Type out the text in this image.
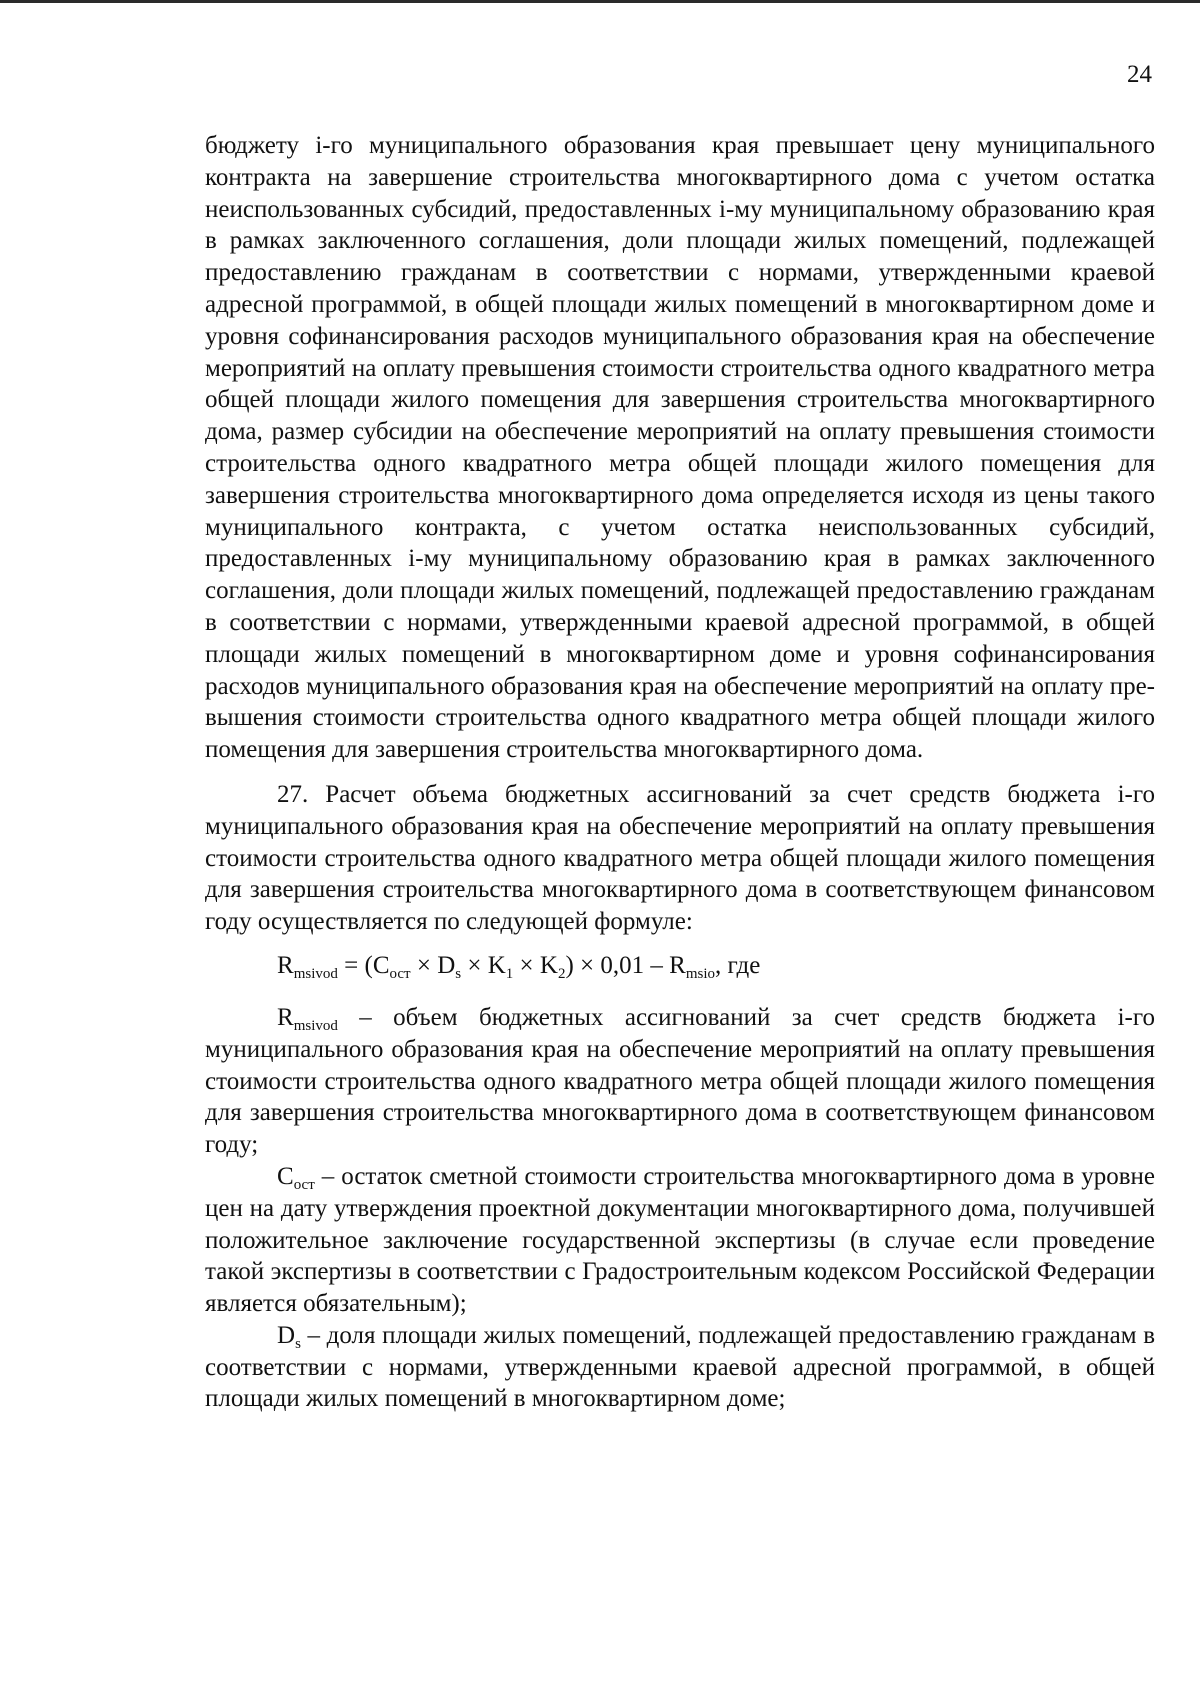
24

бюджету i-го муниципального образования края превышает цену муниципального контракта на завершение строительства многоквартирного дома с учетом остатка неиспользованных субсидий, предоставленных i-му муниципальному образованию края в рамках заключенного соглашения, доли площади жилых помещений, подлежащей предоставлению гражданам в соответствии с нормами, утвержденными краевой адресной программой, в общей площади жилых помещений в многоквартирном доме и уровня софинансирования расходов муниципального образования края на обеспечение мероприятий на оплату превышения стоимости строительства одного квадратного метра общей площади жилого помещения для завершения строительства многоквартирного дома, размер субсидии на обеспечение мероприятий на оплату превышения стоимости строительства одного квадратного метра общей площади жилого помещения для завершения строительства многоквартирного дома определяется исходя из цены такого муниципального контракта, с учетом остатка неиспользованных субсидий, предоставленных i-му муниципальному образованию края в рамках заключенного соглашения, доли площади жилых помещений, подлежащей предоставлению гражданам в соответствии с нормами, утвержденными краевой адресной программой, в общей площади жилых помещений в многоквартирном доме и уровня софинансирования расходов муниципального образования края на обеспечение мероприятий на оплату превышения стоимости строительства одного квадратного метра общей площади жилого помещения для завершения строительства многоквартирного дома.

27. Расчет объема бюджетных ассигнований за счет средств бюджета i-го муниципального образования края на обеспечение мероприятий на оплату превышения стоимости строительства одного квадратного метра общей площади жилого помещения для завершения строительства многоквартирного дома в соответствующем финансовом году осуществляется по следующей формуле:

$R_{msivod} = (C_{ост} \times D_s \times K_1 \times K_2) \times 0,01 - R_{msio}$, где

$R_{msivod}$ – объем бюджетных ассигнований за счет средств бюджета i-го муниципального образования края на обеспечение мероприятий на оплату превышения стоимости строительства одного квадратного метра общей площади жилого помещения для завершения строительства многоквартирного дома в соответствующем финансовом году;

$C_{ост}$ – остаток сметной стоимости строительства многоквартирного дома в уровне цен на дату утверждения проектной документации многоквартирного дома, получившей положительное заключение государственной экспертизы (в случае если проведение такой экспертизы в соответствии с Градостроительным кодексом Российской Федерации является обязательным);

$D_s$ – доля площади жилых помещений, подлежащей предоставлению гражданам в соответствии с нормами, утвержденными краевой адресной программой, в общей площади жилых помещений в многоквартирном доме;
